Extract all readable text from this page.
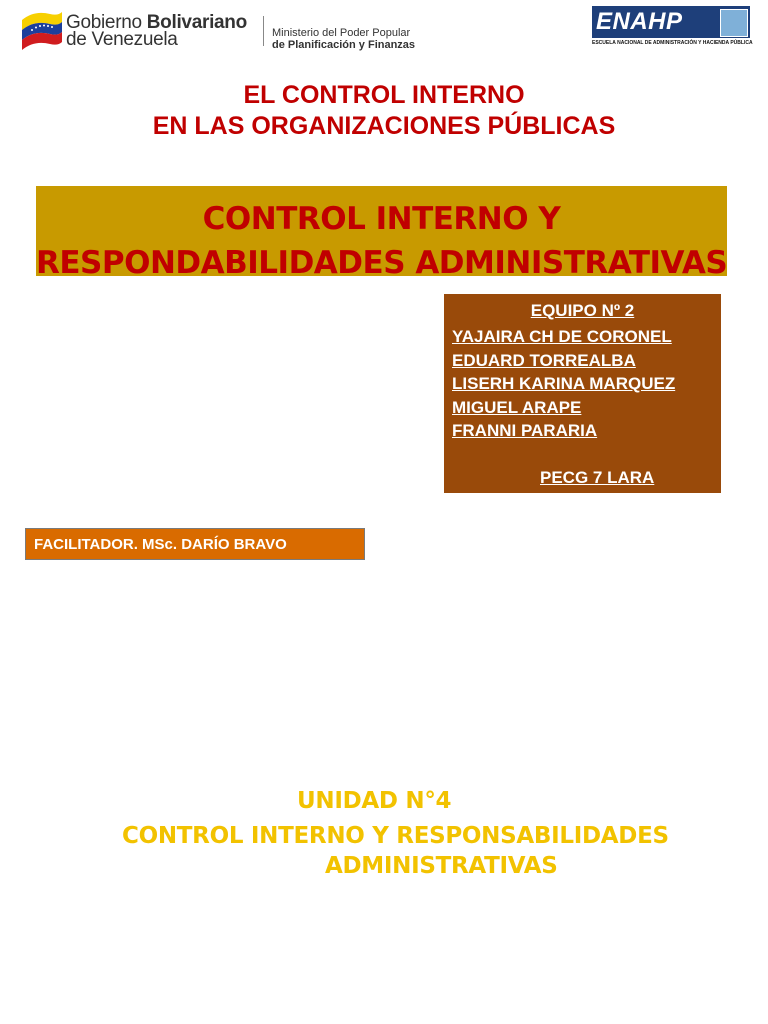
Gobierno Bolivariano
de Venezuela	Ministerio del Poder Popular
de Planificación y Finanzas
ENAHP
ESCUELA NACIONAL DE ADMINISTRACIÓN Y HACIENDA PÚBLICA
EL CONTROL INTERNO
EN LAS ORGANIZACIONES PÚBLICAS
CONTROL INTERNO Y
RESPONDABILIDADES ADMINISTRATIVAS
EQUIPO Nº 2
YAJAIRA CH DE CORONEL
EDUARD TORREALBA
LISERH KARINA MARQUEZ
MIGUEL ARAPE
FRANNI PARARIA
PECG 7 LARA
FACILITADOR. MSc. DARÍO BRAVO
UNIDAD N°4
CONTROL INTERNO Y RESPONSABILIDADES
ADMINISTRATIVAS
